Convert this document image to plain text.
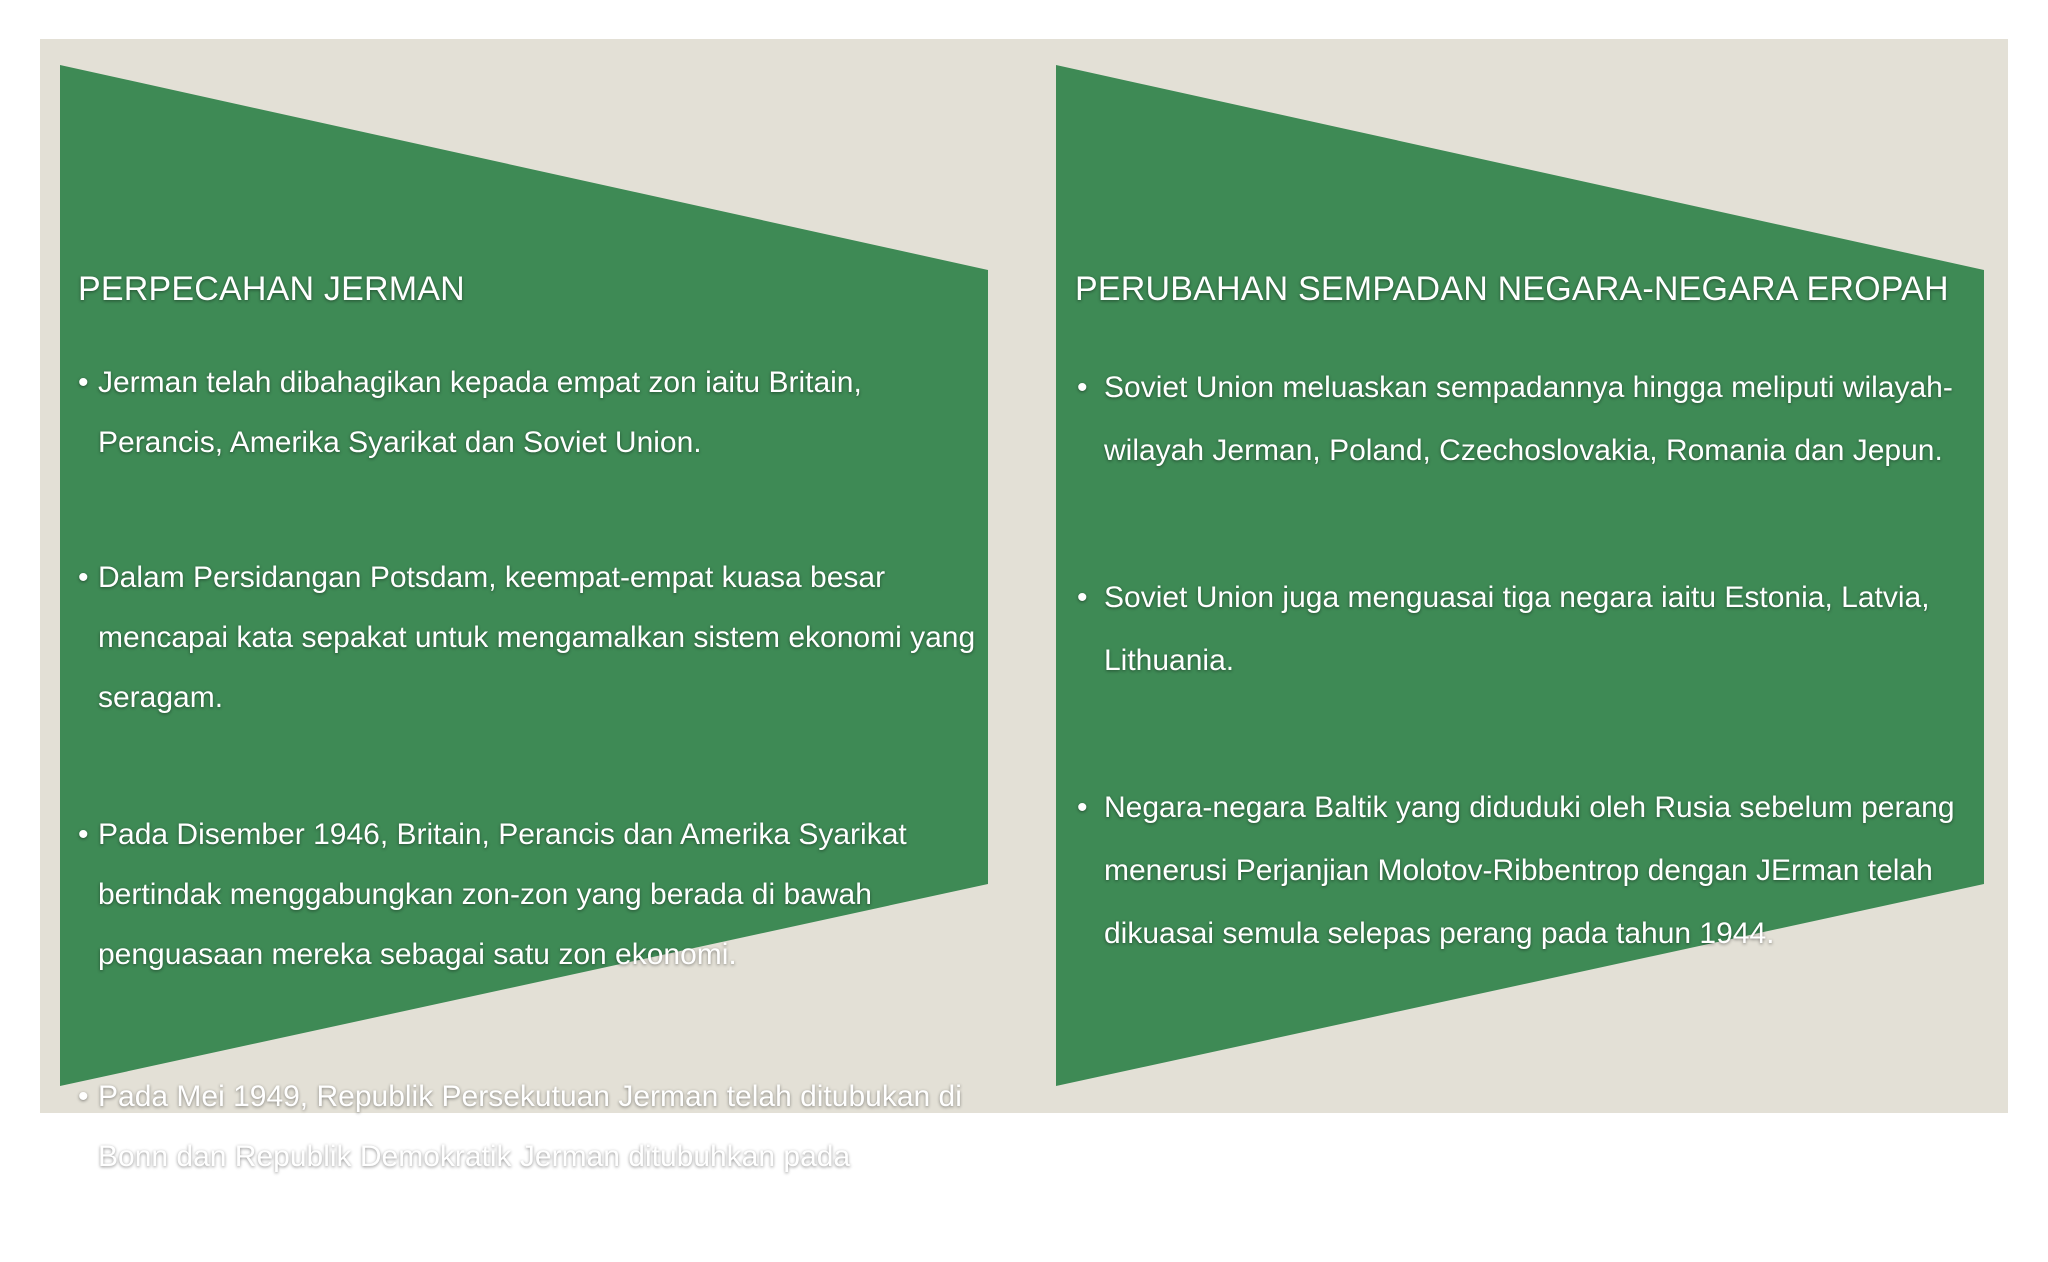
PERPECAHAN JERMAN
• Jerman telah dibahagikan kepada empat zon iaitu Britain, Perancis, Amerika Syarikat dan Soviet Union.
• Dalam Persidangan Potsdam, keempat-empat kuasa besar mencapai kata sepakat untuk mengamalkan sistem ekonomi yang seragam.
• Pada Disember 1946, Britain, Perancis dan Amerika Syarikat bertindak menggabungkan zon-zon yang berada di bawah penguasaan mereka sebagai satu zon ekonomi.
• Pada Mei 1949, Republik Persekutuan Jerman telah ditubukan di Bonn dan Republik Demokratik Jerman ditubuhkan pada
PERUBAHAN SEMPADAN NEGARA-NEGARA EROPAH
• Soviet Union meluaskan sempadannya hingga meliputi wilayah-wilayah Jerman, Poland, Czechoslovakia, Romania dan Jepun.
• Soviet Union juga menguasai tiga negara iaitu Estonia, Latvia, Lithuania.
• Negara-negara Baltik yang diduduki oleh Rusia sebelum perang menerusi Perjanjian Molotov-Ribbentrop dengan JErman telah dikuasai semula selepas perang pada tahun 1944.
